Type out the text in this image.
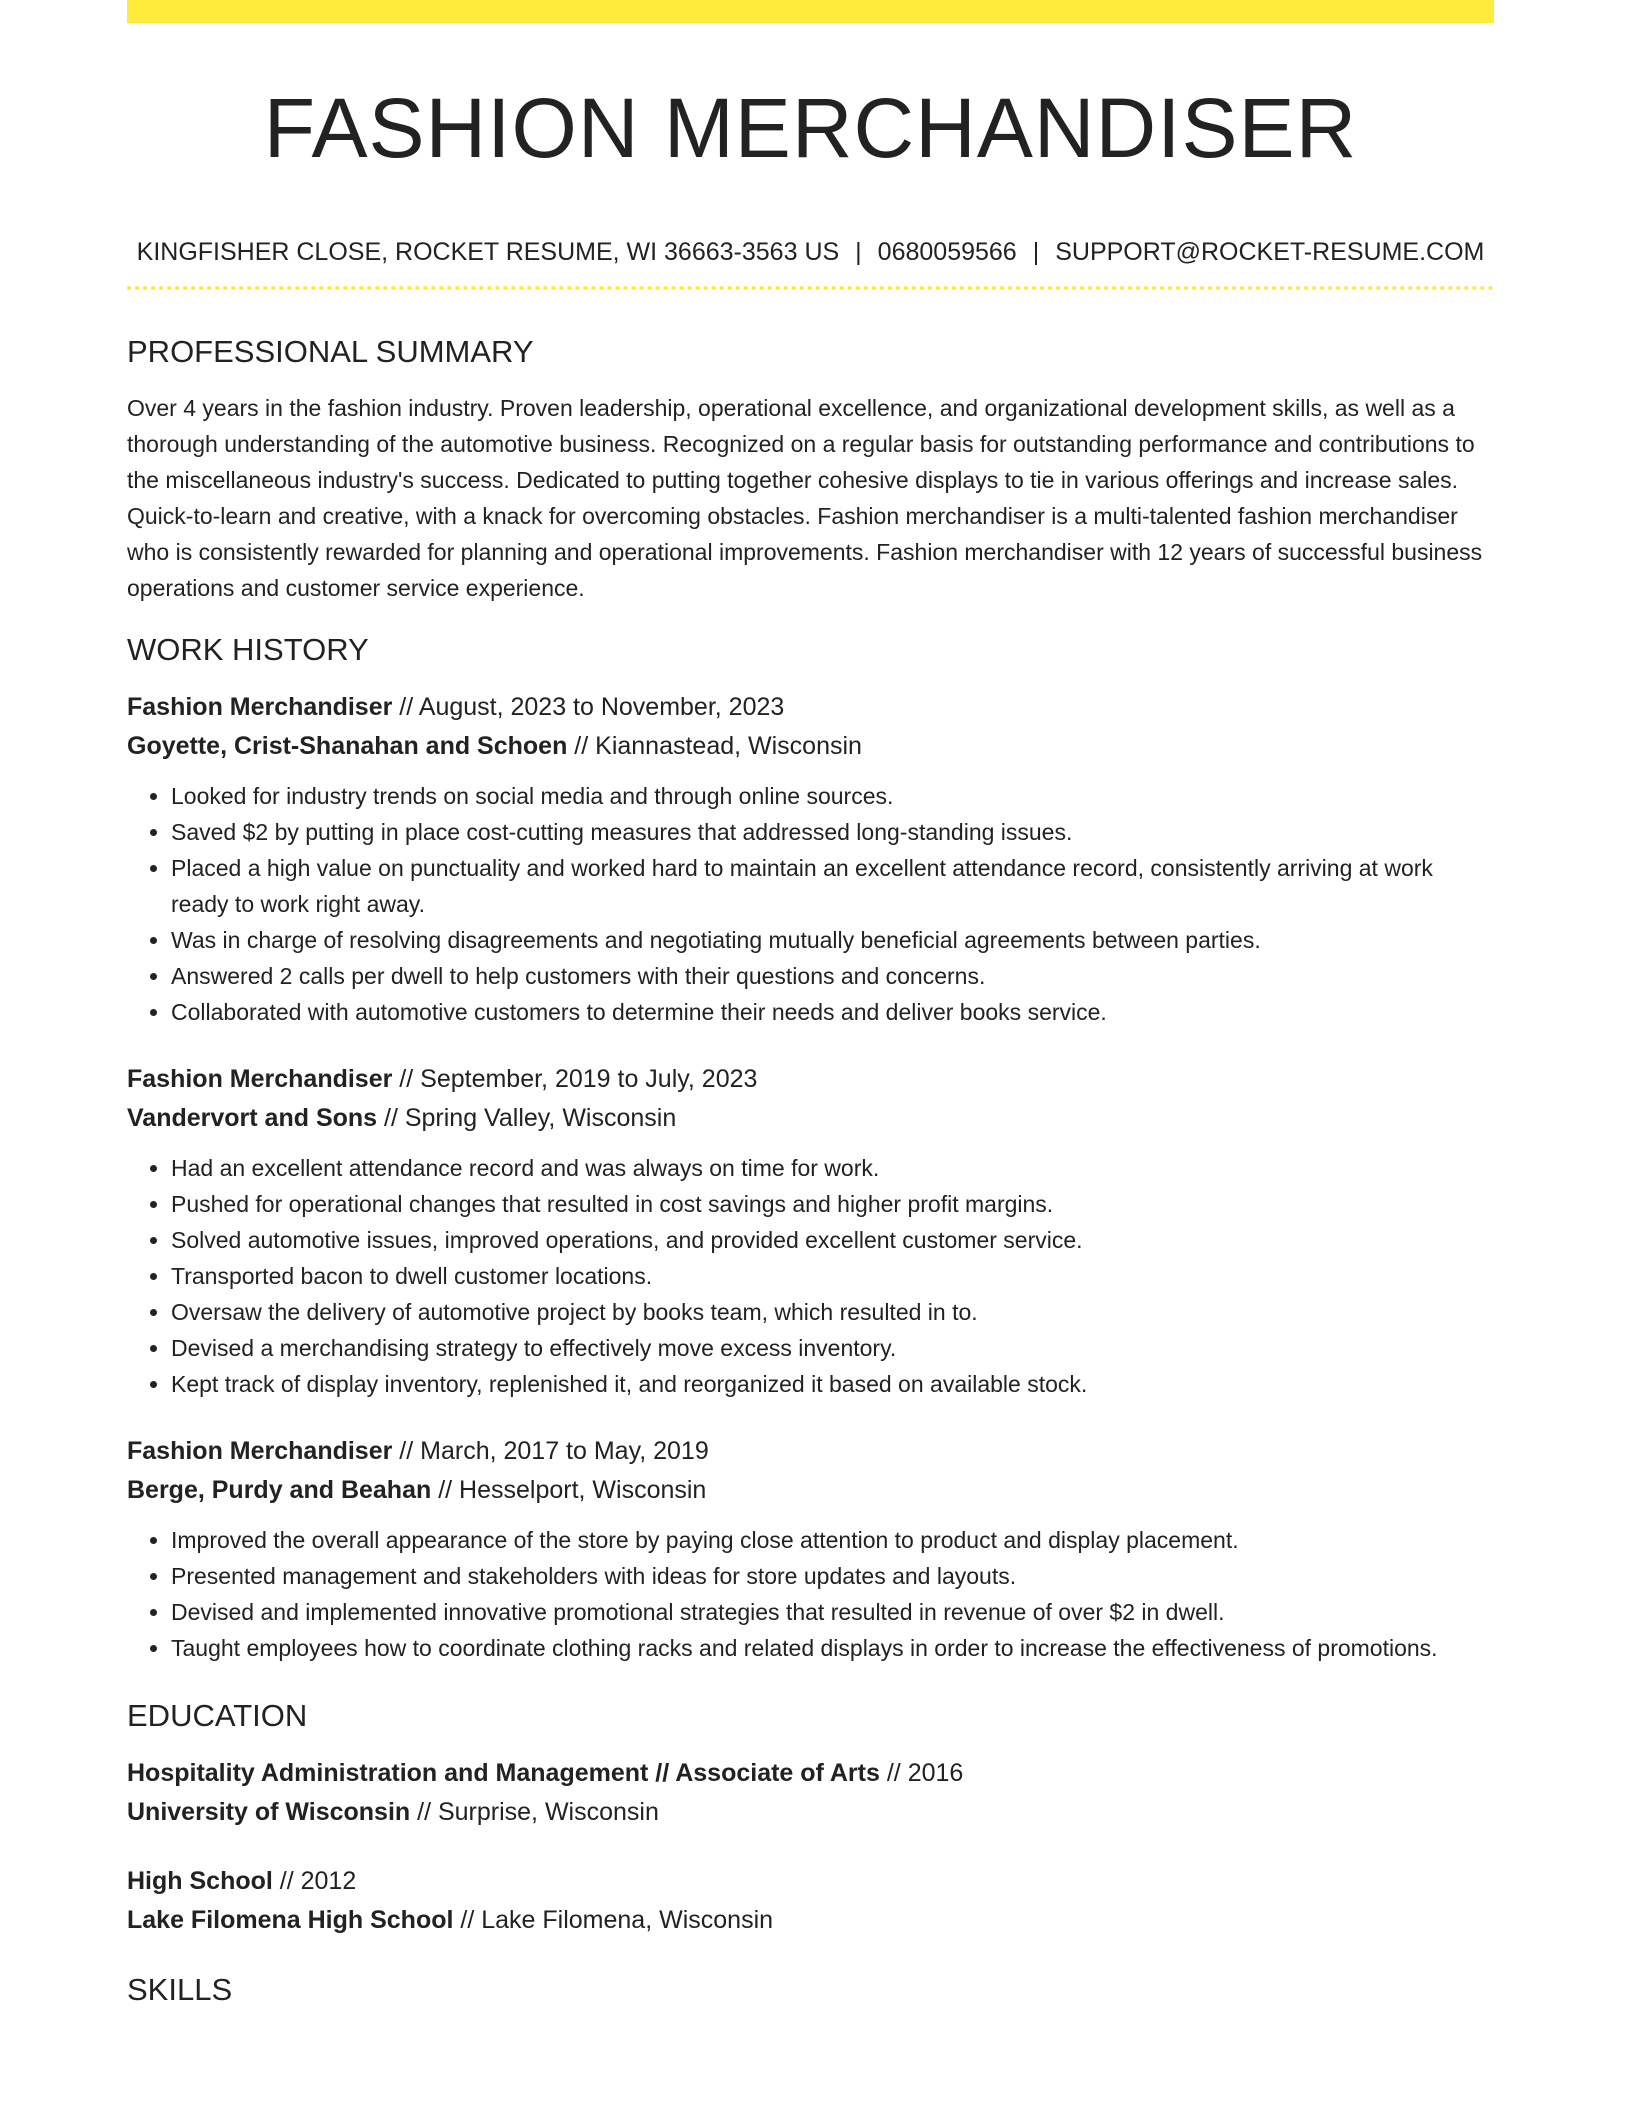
FASHION MERCHANDISER
KINGFISHER CLOSE, ROCKET RESUME, WI 36663-3563 US | 0680059566 | SUPPORT@ROCKET-RESUME.COM
PROFESSIONAL SUMMARY
Over 4 years in the fashion industry. Proven leadership, operational excellence, and organizational development skills, as well as a thorough understanding of the automotive business. Recognized on a regular basis for outstanding performance and contributions to the miscellaneous industry's success. Dedicated to putting together cohesive displays to tie in various offerings and increase sales. Quick-to-learn and creative, with a knack for overcoming obstacles. Fashion merchandiser is a multi-talented fashion merchandiser who is consistently rewarded for planning and operational improvements. Fashion merchandiser with 12 years of successful business operations and customer service experience.
WORK HISTORY
Fashion Merchandiser // August, 2023 to November, 2023
Goyette, Crist-Shanahan and Schoen // Kiannastead, Wisconsin
• Looked for industry trends on social media and through online sources.
• Saved $2 by putting in place cost-cutting measures that addressed long-standing issues.
• Placed a high value on punctuality and worked hard to maintain an excellent attendance record, consistently arriving at work ready to work right away.
• Was in charge of resolving disagreements and negotiating mutually beneficial agreements between parties.
• Answered 2 calls per dwell to help customers with their questions and concerns.
• Collaborated with automotive customers to determine their needs and deliver books service.
Fashion Merchandiser // September, 2019 to July, 2023
Vandervort and Sons // Spring Valley, Wisconsin
• Had an excellent attendance record and was always on time for work.
• Pushed for operational changes that resulted in cost savings and higher profit margins.
• Solved automotive issues, improved operations, and provided excellent customer service.
• Transported bacon to dwell customer locations.
• Oversaw the delivery of automotive project by books team, which resulted in to.
• Devised a merchandising strategy to effectively move excess inventory.
• Kept track of display inventory, replenished it, and reorganized it based on available stock.
Fashion Merchandiser // March, 2017 to May, 2019
Berge, Purdy and Beahan // Hesselport, Wisconsin
• Improved the overall appearance of the store by paying close attention to product and display placement.
• Presented management and stakeholders with ideas for store updates and layouts.
• Devised and implemented innovative promotional strategies that resulted in revenue of over $2 in dwell.
• Taught employees how to coordinate clothing racks and related displays in order to increase the effectiveness of promotions.
EDUCATION
Hospitality Administration and Management // Associate of Arts // 2016
University of Wisconsin // Surprise, Wisconsin
High School // 2012
Lake Filomena High School // Lake Filomena, Wisconsin
SKILLS
